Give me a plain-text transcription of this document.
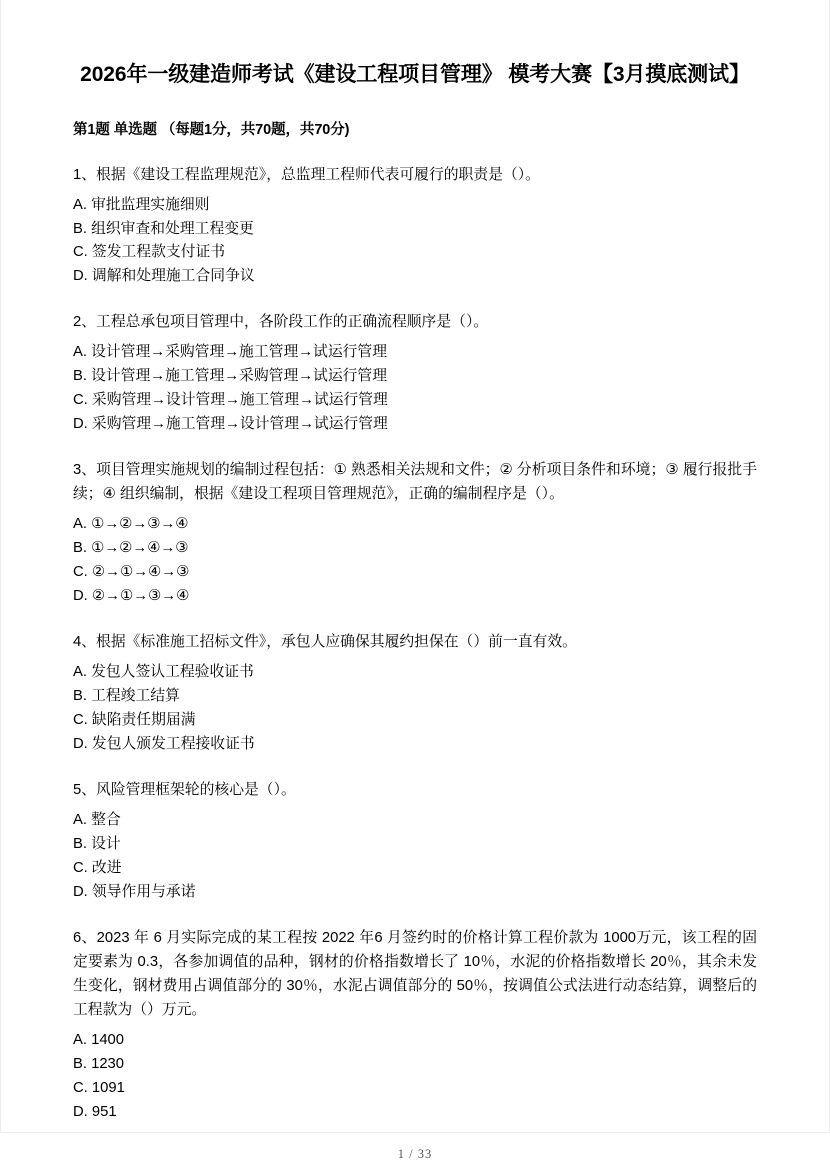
2026年一级建造师考试《建设工程项目管理》 模考大赛【3月摸底测试】
第1题 单选题 （每题1分，共70题，共70分)

1、根据《建设工程监理规范》，总监理工程师代表可履行的职责是（）。

A. 审批监理实施细则
B. 组织审查和处理工程变更
C. 签发工程款支付证书
D. 调解和处理施工合同争议

2、工程总承包项目管理中，各阶段工作的正确流程顺序是（）。

A. 设计管理→采购管理→施工管理→试运行管理
B. 设计管理→施工管理→采购管理→试运行管理
C. 采购管理→设计管理→施工管理→试运行管理
D. 采购管理→施工管理→设计管理→试运行管理

3、项目管理实施规划的编制过程包括：① 熟悉相关法规和文件；② 分析项目条件和环境；③ 履行报批手续；④ 组织编制，根据《建设工程项目管理规范》，正确的编制程序是（）。

A. ①→②→③→④
B. ①→②→④→③
C. ②→①→④→③
D. ②→①→③→④

4、根据《标准施工招标文件》，承包人应确保其履约担保在（）前一直有效。

A. 发包人签认工程验收证书
B. 工程竣工结算
C. 缺陷责任期届满
D. 发包人颁发工程接收证书

5、风险管理框架轮的核心是（）。

A. 整合
B. 设计
C. 改进
D. 领导作用与承诺

6、2023 年 6 月实际完成的某工程按 2022 年6 月签约时的价格计算工程价款为 1000万元，该工程的固定要素为 0.3，各参加调值的品种，钢材的价格指数增长了 10％，水泥的价格指数增长 20％，其余未发生变化，钢材费用占调值部分的 30％，水泥占调值部分的 50％，按调值公式法进行动态结算，调整后的工程款为（）万元。

A. 1400
B. 1230
C. 1091
D. 951
1 / 33
